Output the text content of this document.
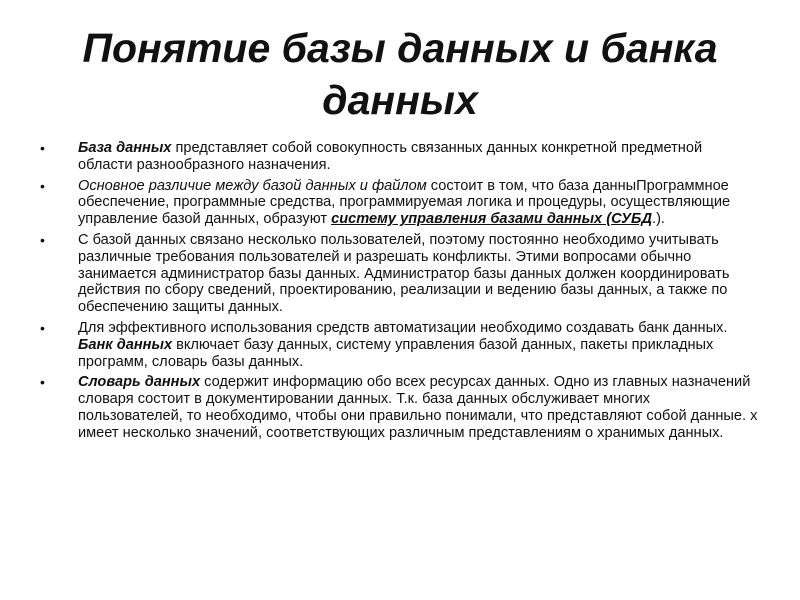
Понятие базы данных и банка данных
•	База данных представляет собой совокупность связанных данных конкретной предметной области разнообразного назначения.
•	Основное различие между базой данных и файлом состоит в том, что база данныПрограммное обеспечение, программные средства, программируемая логика и процедуры, осуществляющие управление базой данных, образуют систему управления базами данных (СУБД.).
•	С базой данных связано несколько пользователей, поэтому постоянно необходимо учитывать различные требования пользователей и разрешать конфликты. Этими вопросами обычно занимается администратор базы данных. Администратор базы данных должен координировать действия по сбору сведений, проектированию, реализации и ведению базы данных, а также по обеспечению защиты данных.
•	Для эффективного использования средств автоматизации необходимо создавать банк данных. Банк данных включает базу данных, систему управления базой данных, пакеты прикладных программ, словарь базы данных.
•	Словарь данных содержит информацию обо всех ресурсах данных. Одно из главных назначений словаря состоит в документировании данных. Т.к. база данных обслуживает многих пользователей, то необходимо, чтобы они правильно понимали, что представляют собой данные. х имеет несколько значений, соответствующих различным представлениям о хранимых данных.
